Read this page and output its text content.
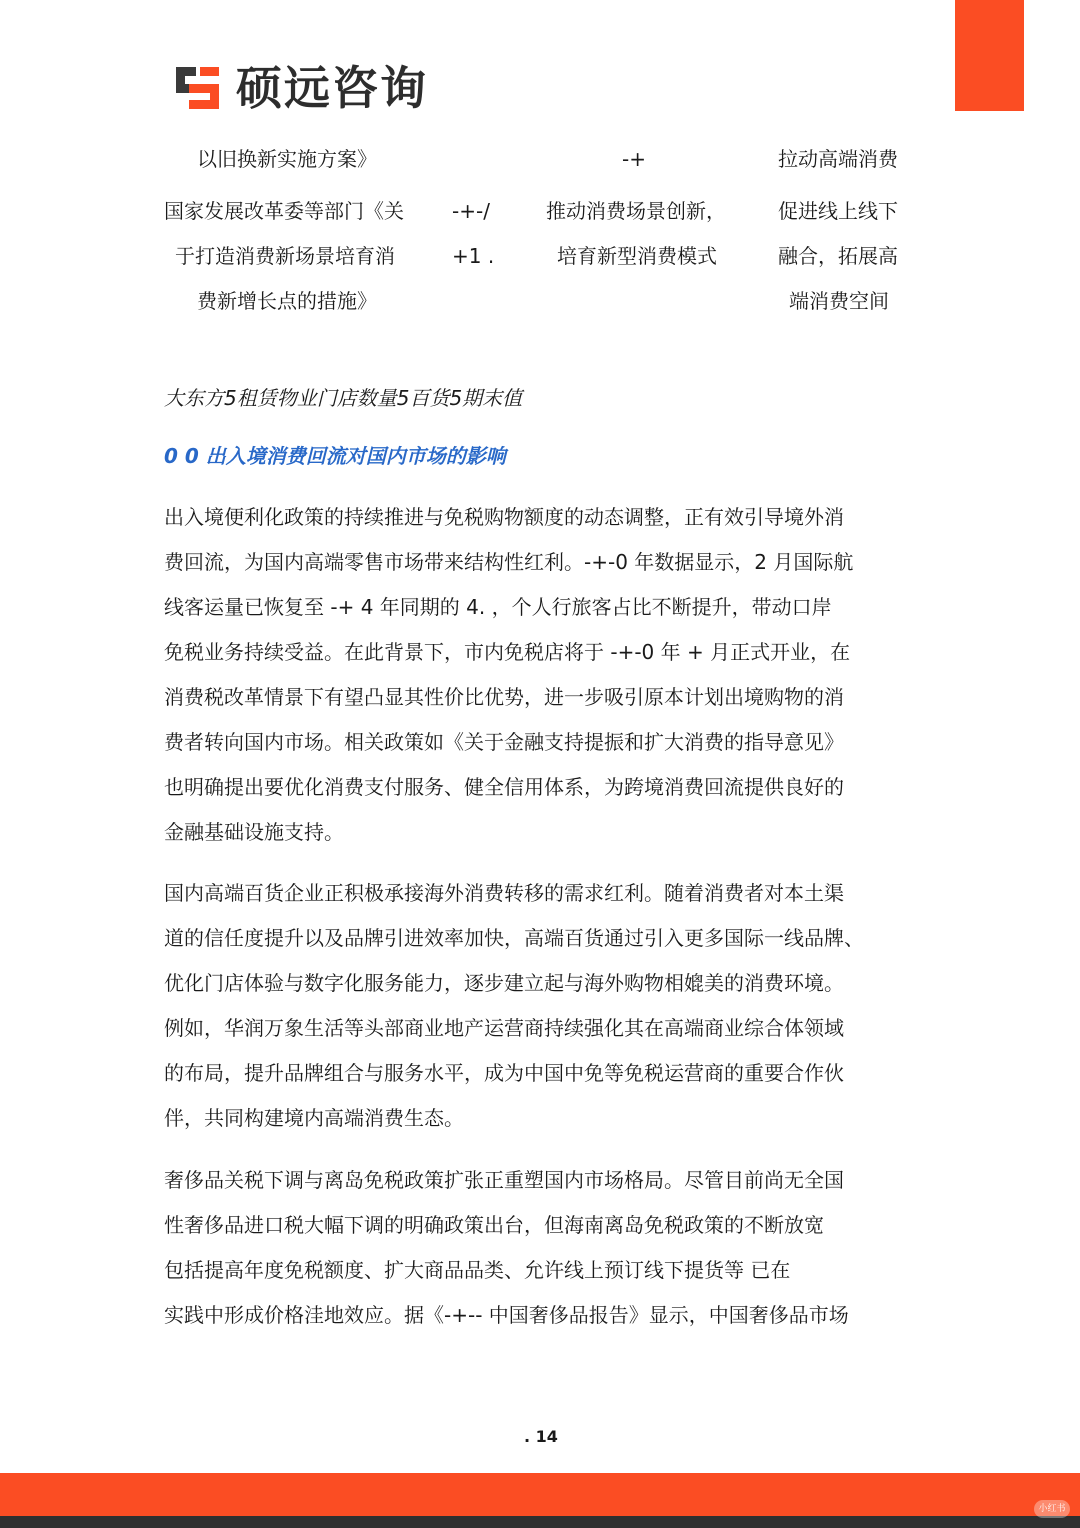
硕远咨询
以旧换新实施方案》	-+	拉动高端消费
国家发展改革委等部门《关
于打造消费新场景培育消
费新增长点的措施》
-+-/
+1 .
推动消费场景创新，
培育新型消费模式
促进线上线下
融合，拓展高
端消费空间
大东方5租赁物业门店数量5百货5期末值
0 0 出入境消费回流对国内市场的影响
出入境便利化政策的持续推进与免税购物额度的动态调整，正有效引导境外消
费回流，为国内高端零售市场带来结构性红利。-+-0 年数据显示，2 月国际航
线客运量已恢复至 -+ 4 年同期的 4. ，个人行旅客占比不断提升，带动口岸
免税业务持续受益。在此背景下，市内免税店将于 -+-0 年 + 月正式开业，在
消费税改革情景下有望凸显其性价比优势，进一步吸引原本计划出境购物的消
费者转向国内市场。相关政策如《关于金融支持提振和扩大消费的指导意见》
也明确提出要优化消费支付服务、健全信用体系，为跨境消费回流提供良好的
金融基础设施支持。
国内高端百货企业正积极承接海外消费转移的需求红利。随着消费者对本土渠
道的信任度提升以及品牌引进效率加快，高端百货通过引入更多国际一线品牌、
优化门店体验与数字化服务能力，逐步建立起与海外购物相媲美的消费环境。
例如，华润万象生活等头部商业地产运营商持续强化其在高端商业综合体领域
的布局，提升品牌组合与服务水平，成为中国中免等免税运营商的重要合作伙
伴，共同构建境内高端消费生态。
奢侈品关税下调与离岛免税政策扩张正重塑国内市场格局。尽管目前尚无全国
性奢侈品进口税大幅下调的明确政策出台，但海南离岛免税政策的不断放宽
包括提高年度免税额度、扩大商品品类、允许线上预订线下提货等 已在
实践中形成价格洼地效应。据《-+-- 中国奢侈品报告》显示，中国奢侈品市场
. 14
小红书
